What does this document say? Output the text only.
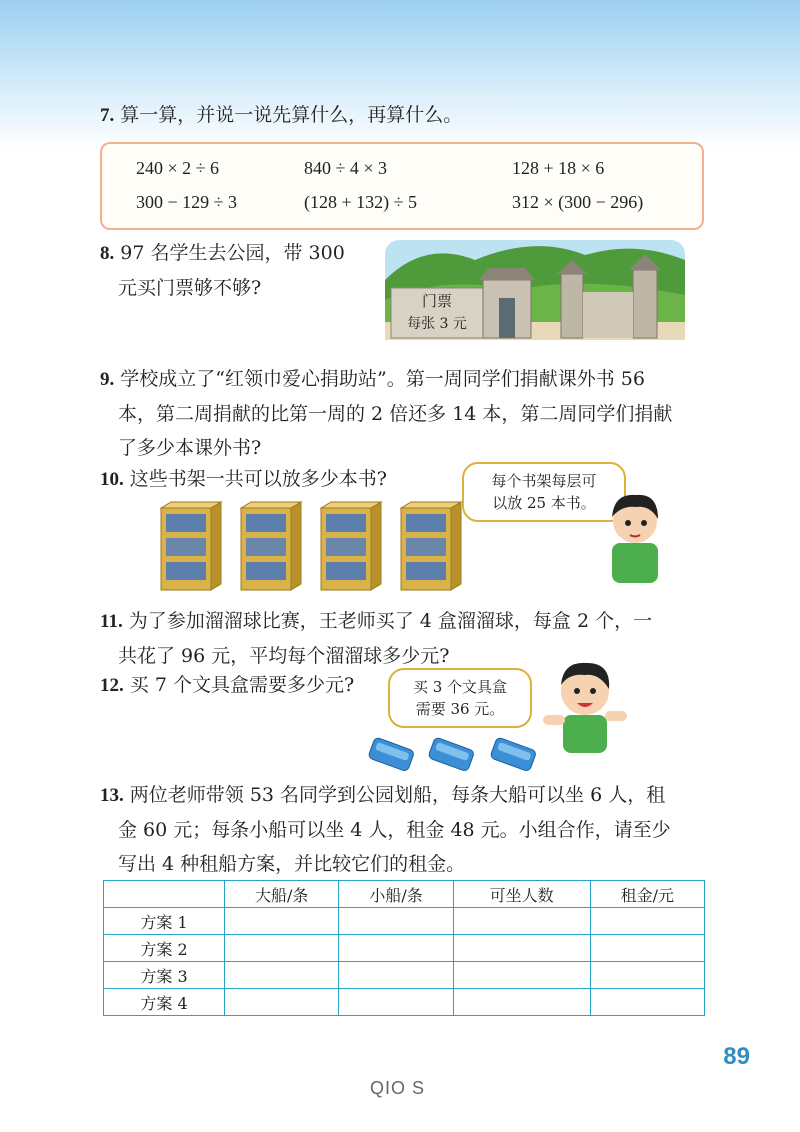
7. 算一算，并说一说先算什么，再算什么。
240 × 2 ÷ 6	840 ÷ 4 × 3	128 + 18 × 6
300 − 129 ÷ 3	(128 + 132) ÷ 5	312 × (300 − 296)
8. 97 名学生去公园，带 300
元买门票够不够?
门票
每张 3 元
9. 学校成立了“红领巾爱心捐助站”。第一周同学们捐献课外书 56
本，第二周捐献的比第一周的 2 倍还多 14 本，第二周同学们捐献
了多少本课外书?
10. 这些书架一共可以放多少本书?	每个书架每层可
以放 25 本书。
11. 为了参加溜溜球比赛，王老师买了 4 盒溜溜球，每盒 2 个，一
共花了 96 元，平均每个溜溜球多少元?
12. 买 7 个文具盒需要多少元?	买 3 个文具盒
需要 36 元。
13. 两位老师带领 53 名同学到公园划船，每条大船可以坐 6 人，租
金 60 元；每条小船可以坐 4 人，租金 48 元。小组合作，请至少
写出 4 种租船方案，并比较它们的租金。
	大船/条	小船/条	可坐人数	租金/元
方案 1				
方案 2				
方案 3				
方案 4				
89
QIO S
